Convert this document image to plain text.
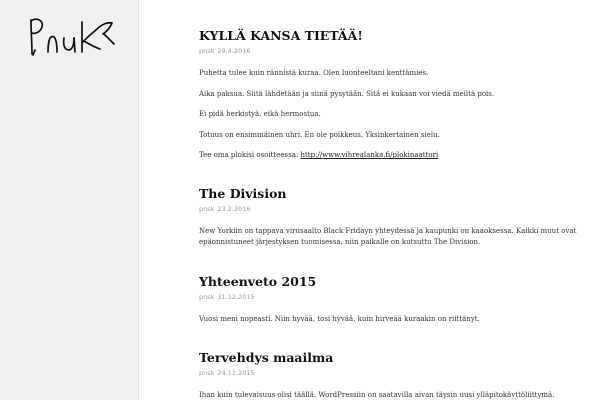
KYLLÄ KANSA TIETÄÄ!
pnsk 29.4.2016

Puhetta tulee kuin rännistä kuraa. Olen luonteeltani kenttämies.

Aika paksua. Siitä lähdetään ja siinä pysytään. Sitä ei kukaan voi viedä meiltä pois.

Ei pidä herkistyä, eikä hermostua.

Totuus on ensimmäinen uhri. En ole poikkeus. Yksinkertainen sielu.

Tee oma plokisi osoitteessa: http://www.vihrealanka.fi/plokinaattori

The Division
pnsk 23.2.2016

New Yorkiin on tappava virusaalto Black Fridayn yhteydessä ja kaupunki on kaaoksessa. Kaikki muut ovat epäonnistuneet järjestyksen tuomisessa, niin paikalle on kutsuttu The Division.

Yhteenveto 2015
pnsk 31.12.2015

Vuosi meni nopeasti. Niin hyvää, tosi hyvää, kuin hirveää kuraakin on riittänyt.

Tervehdys maailma
pnsk 24.11.2015

Ihan kuin tulevaisuus olisi täällä. WordPressiin on saatavilla aivan täysin uusi ylläpitokäyttöliittymä.
